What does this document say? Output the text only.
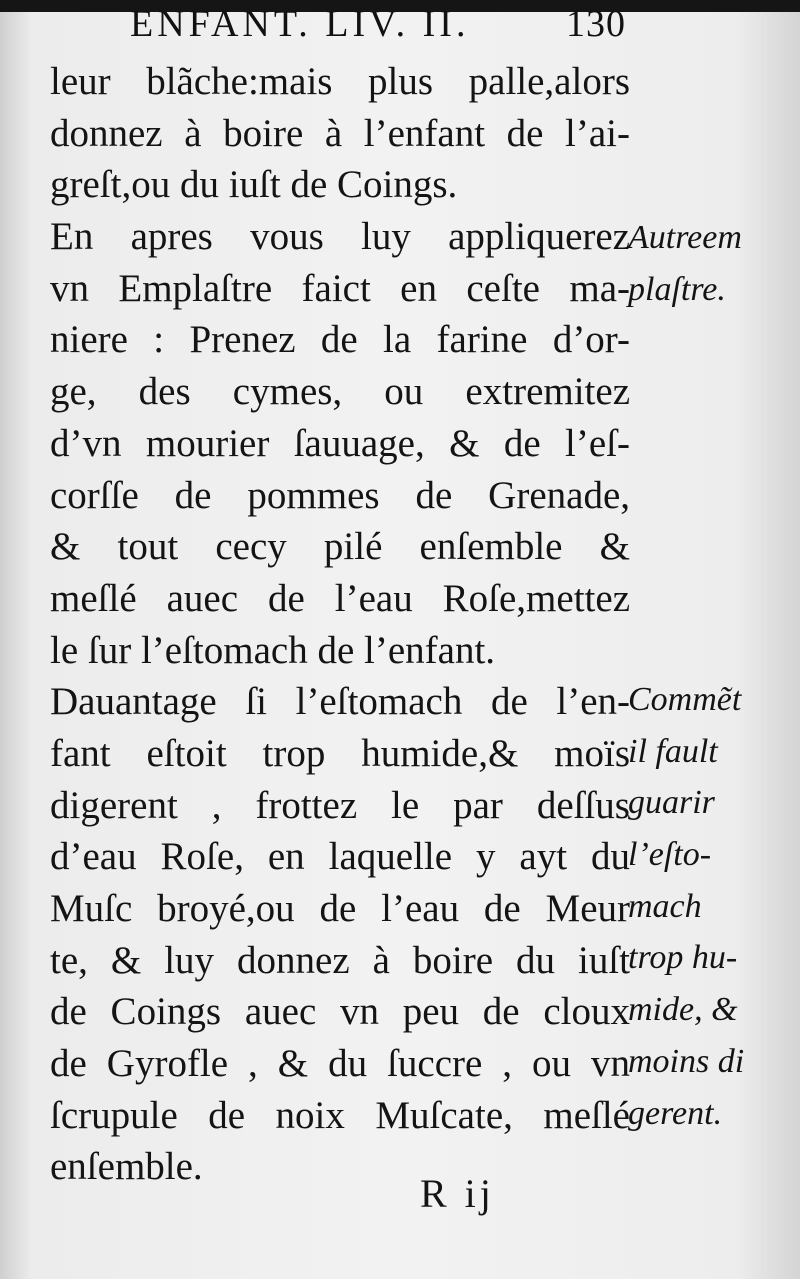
ENFANT. LIV. II.	130
leur blãche:mais plus palle,alors
donnez à boire à l’enfant de l’ai-
greſt,ou du iuſt de Coings.
En apres vous luy appliquerez
vn Emplaſtre faict en ceſte ma-
niere : Prenez de la farine d’or-
ge, des cymes, ou extremitez
d’vn mourier ſauuage, & de l’eſ-
corſſe de pommes de Grenade,
& tout cecy pilé enſemble &
meſlé auec de l’eau Roſe,mettez
le ſur l’eſtomach de l’enfant.
Dauantage ſi l’eſtomach de l’en-
fant eſtoit trop humide,& moïs
digerent , frottez le par deſſus
d’eau Roſe, en laquelle y ayt du
Muſc broyé,ou de l’eau de Meur
te, & luy donnez à boire du iuſt
de Coings auec vn peu de cloux
de Gyrofle , & du ſuccre , ou vn
ſcrupule de noix Muſcate, meſlé
enſemble.
Autreem
plaſtre.
Commẽt
il fault
guarir
l’eſto-
mach
trop hu-
mide, &
moins di
gerent.
R ij
